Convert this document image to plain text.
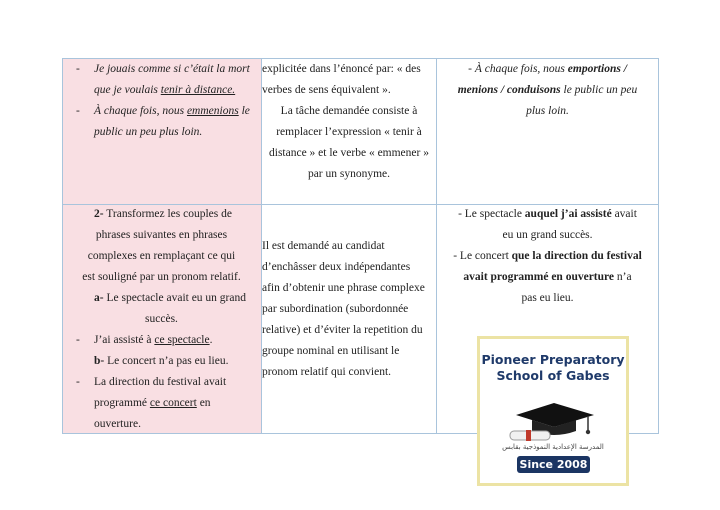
- Je jouais comme si c’était la mort
que je voulais tenir à distance.
- À chaque fois, nous emmenions le
public un peu plus loin.
explicitée dans l’énoncé par: « des
verbes de sens équivalent ».
La tâche demandée consiste à
remplacer l’expression « tenir à
distance » et le verbe « emmener »
par un synonyme.
- À chaque fois, nous emportions /
menions / conduisons le public un peu
plus loin.
2- Transformez les couples de
phrases suivantes en phrases
complexes en remplaçant ce qui
est souligné par un pronom relatif.
a- Le spectacle avait eu un grand
succès.
- J’ai assisté à ce spectacle.
b- Le concert n’a pas eu lieu.
- La direction du festival avait
programmé ce concert en
ouverture.
Il est demandé au candidat
d’enchâsser deux indépendantes
afin d’obtenir une phrase complexe
par subordination (subordonnée
relative) et d’éviter la repetition du
groupe nominal en utilisant le
pronom relatif qui convient.
- Le spectacle auquel j’ai assisté avait
eu un grand succès.
- Le concert que la direction du festival
avait programmé en ouverture n’a
pas eu lieu.
Pioneer Preparatory
School of Gabes
المدرسة الإعدادية النموذجية بقابس
Since 2008
